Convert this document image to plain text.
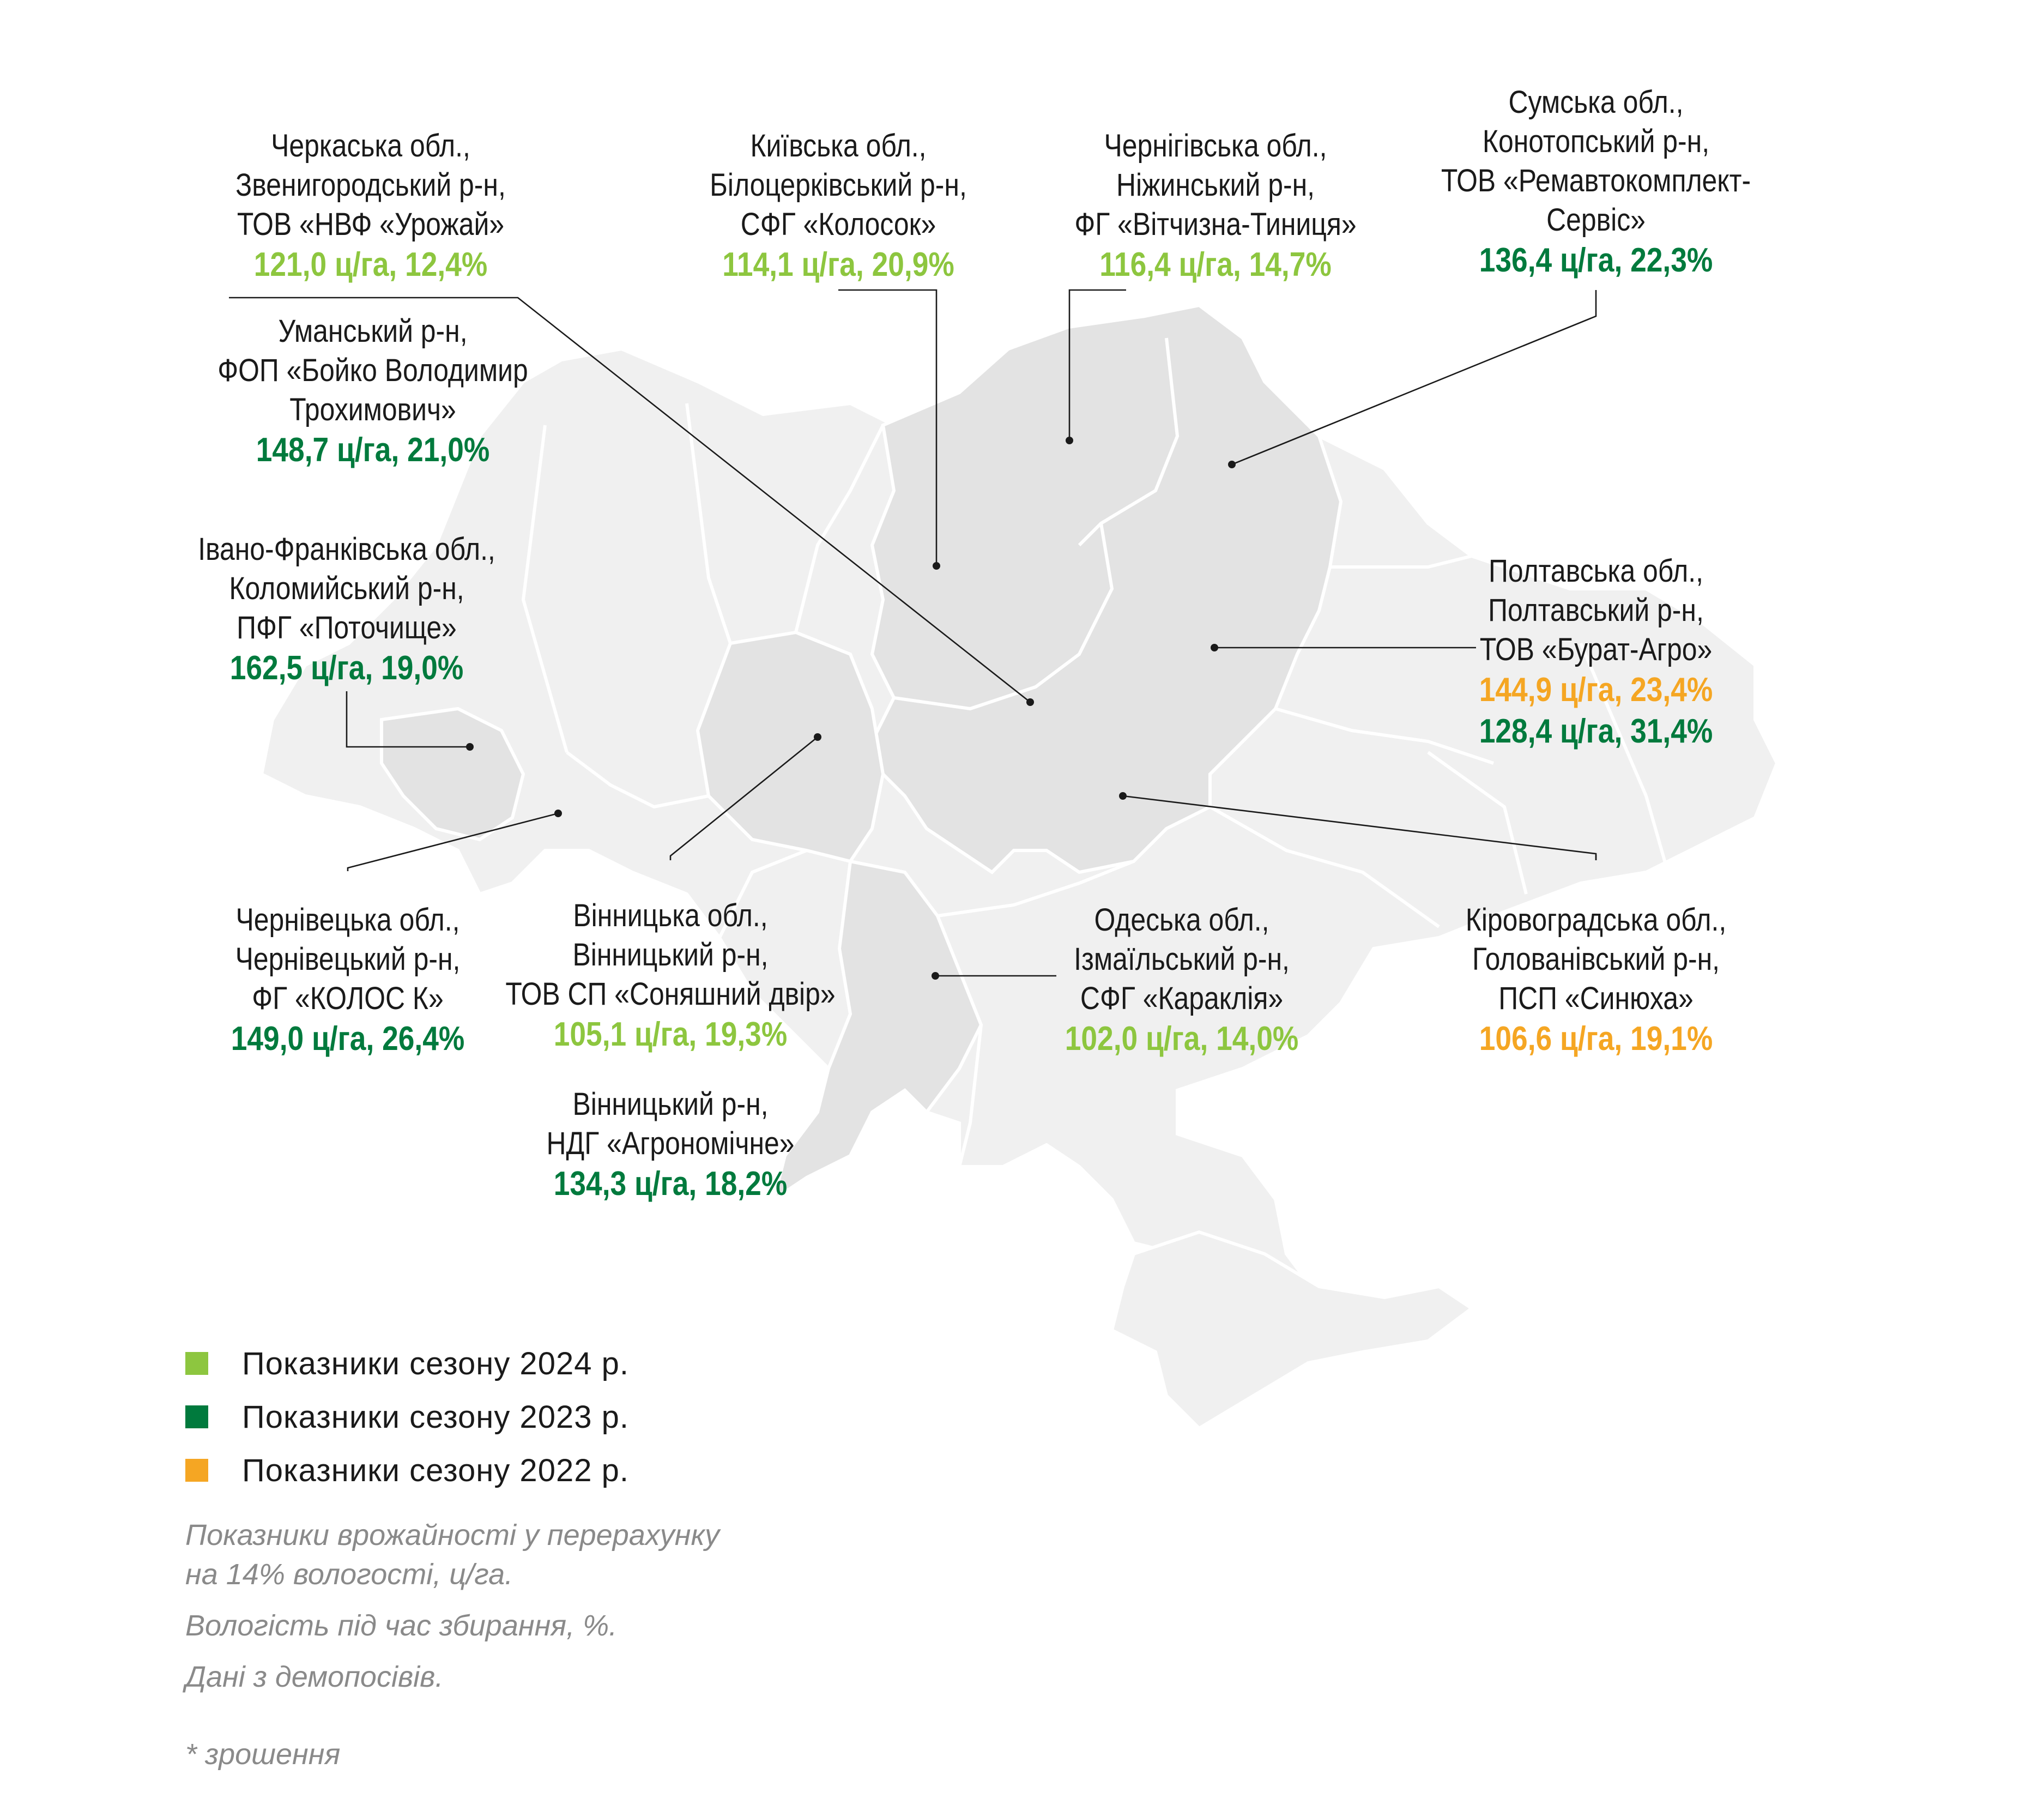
Черкаська обл.,
Звенигородський р-н,
ТОВ «НВФ «Урожай»
121,0 ц/га, 12,4%
Уманський р-н,
ФОП «Бойко Володимир
Трохимович»
148,7 ц/га, 21,0%
Київська обл.,
Білоцерківський р-н,
СФГ «Колосок»
114,1 ц/га, 20,9%
Чернігівська обл.,
Ніжинський р-н,
ФГ «Вітчизна-Тиниця»
116,4 ц/га, 14,7%
Сумська обл.,
Конотопський р-н,
ТОВ «Ремавтокомплект-
Сервіс»
136,4 ц/га, 22,3%
Івано-Франківська обл.,
Коломийський р-н,
ПФГ «Поточище»
162,5 ц/га, 19,0%
Полтавська обл.,
Полтавський р-н,
ТОВ «Бурат-Агро»
144,9 ц/га, 23,4%
128,4 ц/га, 31,4%
Чернівецька обл.,
Чернівецький р-н,
ФГ «КОЛОС К»
149,0 ц/га, 26,4%
Вінницька обл.,
Вінницький р-н,
ТОВ СП «Соняшний двір»
105,1 ц/га, 19,3%
Вінницький р-н,
НДГ «Агрономічне»
134,3 ц/га, 18,2%
Одеська обл.,
Ізмаїльський р-н,
СФГ «Караклія»
102,0 ц/га, 14,0%
Кіровоградська обл.,
Голованівський р-н,
ПСП «Синюха»
106,6 ц/га, 19,1%
Показники сезону 2024 р.
Показники сезону 2023 р.
Показники сезону 2022 р.
Показники врожайності у перерахунку
на 14% вологості, ц/га.
Вологість під час збирання, %.
Дані з демопосівів.
* зрошення
